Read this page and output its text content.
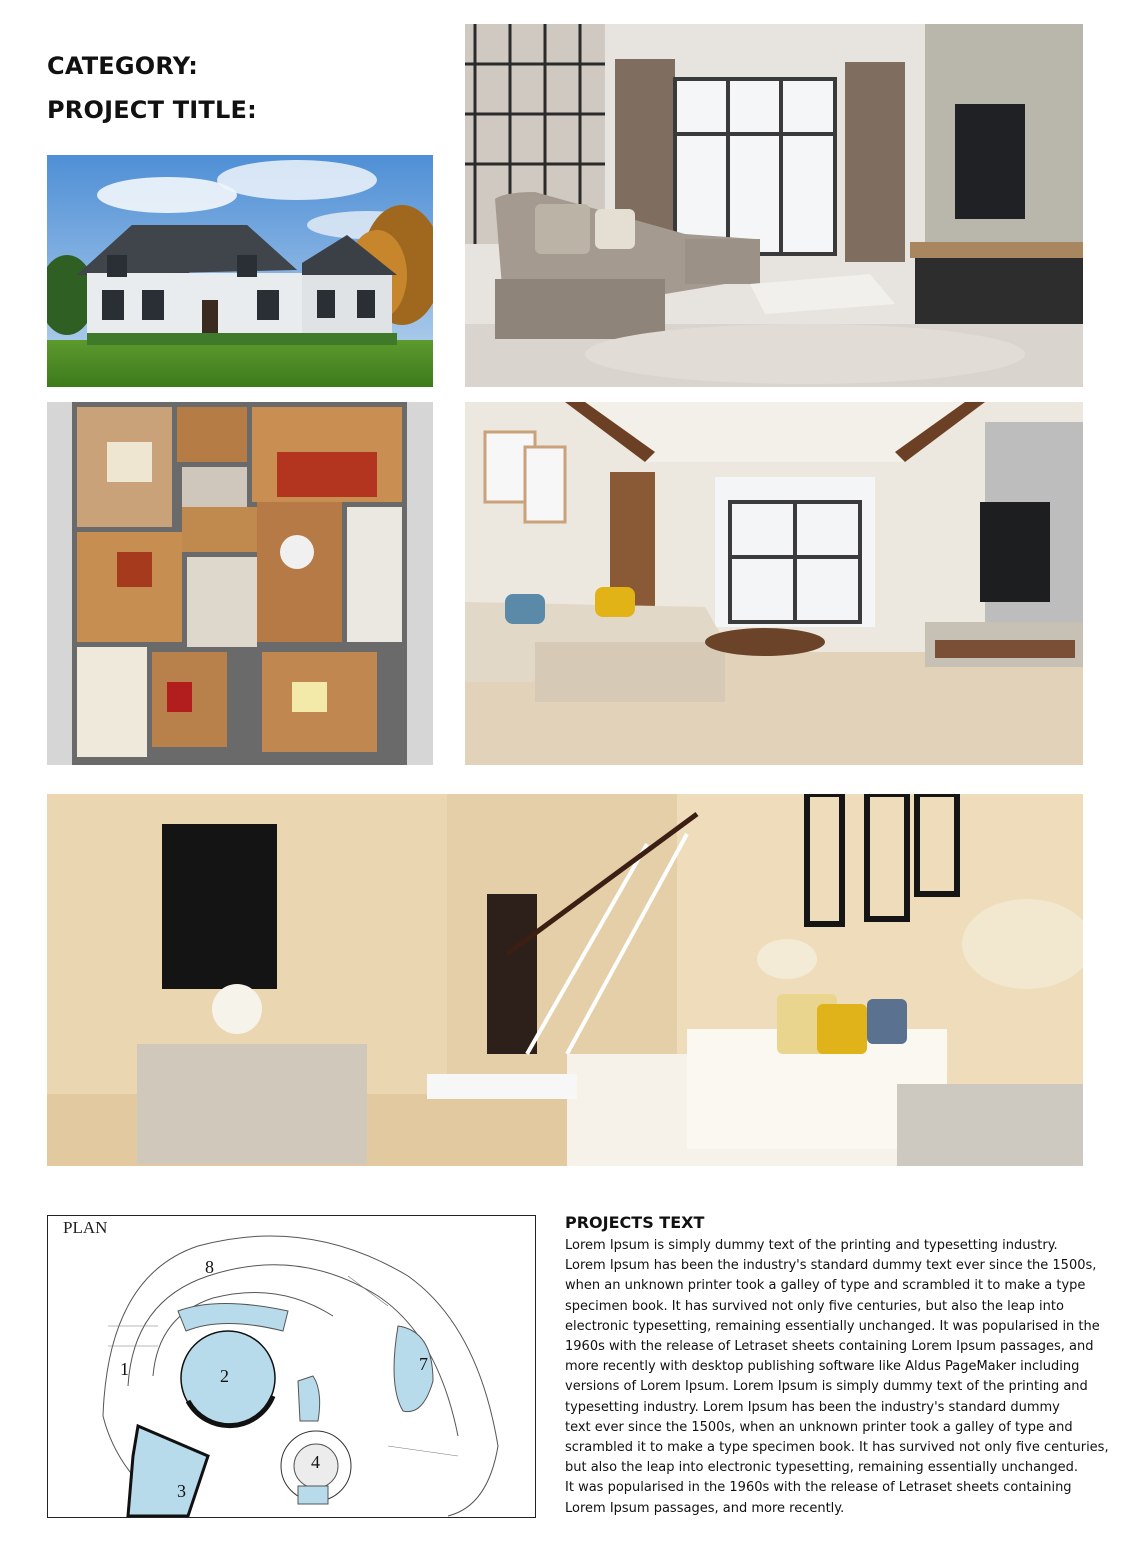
CATEGORY:
PROJECT TITLE:
PLAN
1	2
3
4
7
8
PROJECTS TEXT
Lorem Ipsum is simply dummy text of the printing and typesetting industry.
Lorem Ipsum has been the industry's standard dummy text ever since the 1500s,
when an unknown printer took a galley of type and scrambled it to make a type
specimen book. It has survived not only five centuries, but also the leap into
electronic typesetting, remaining essentially unchanged. It was popularised in the
1960s with the release of Letraset sheets containing Lorem Ipsum passages, and
more recently with desktop publishing software like Aldus PageMaker including
versions of Lorem Ipsum. Lorem Ipsum is simply dummy text of the printing and
typesetting industry. Lorem Ipsum has been the industry's standard dummy
text ever since the 1500s, when an unknown printer took a galley of type and
scrambled it to make a type specimen book. It has survived not only five centuries,
but also the leap into electronic typesetting, remaining essentially unchanged.
It was popularised in the 1960s with the release of Letraset sheets containing
Lorem Ipsum passages, and more recently.
